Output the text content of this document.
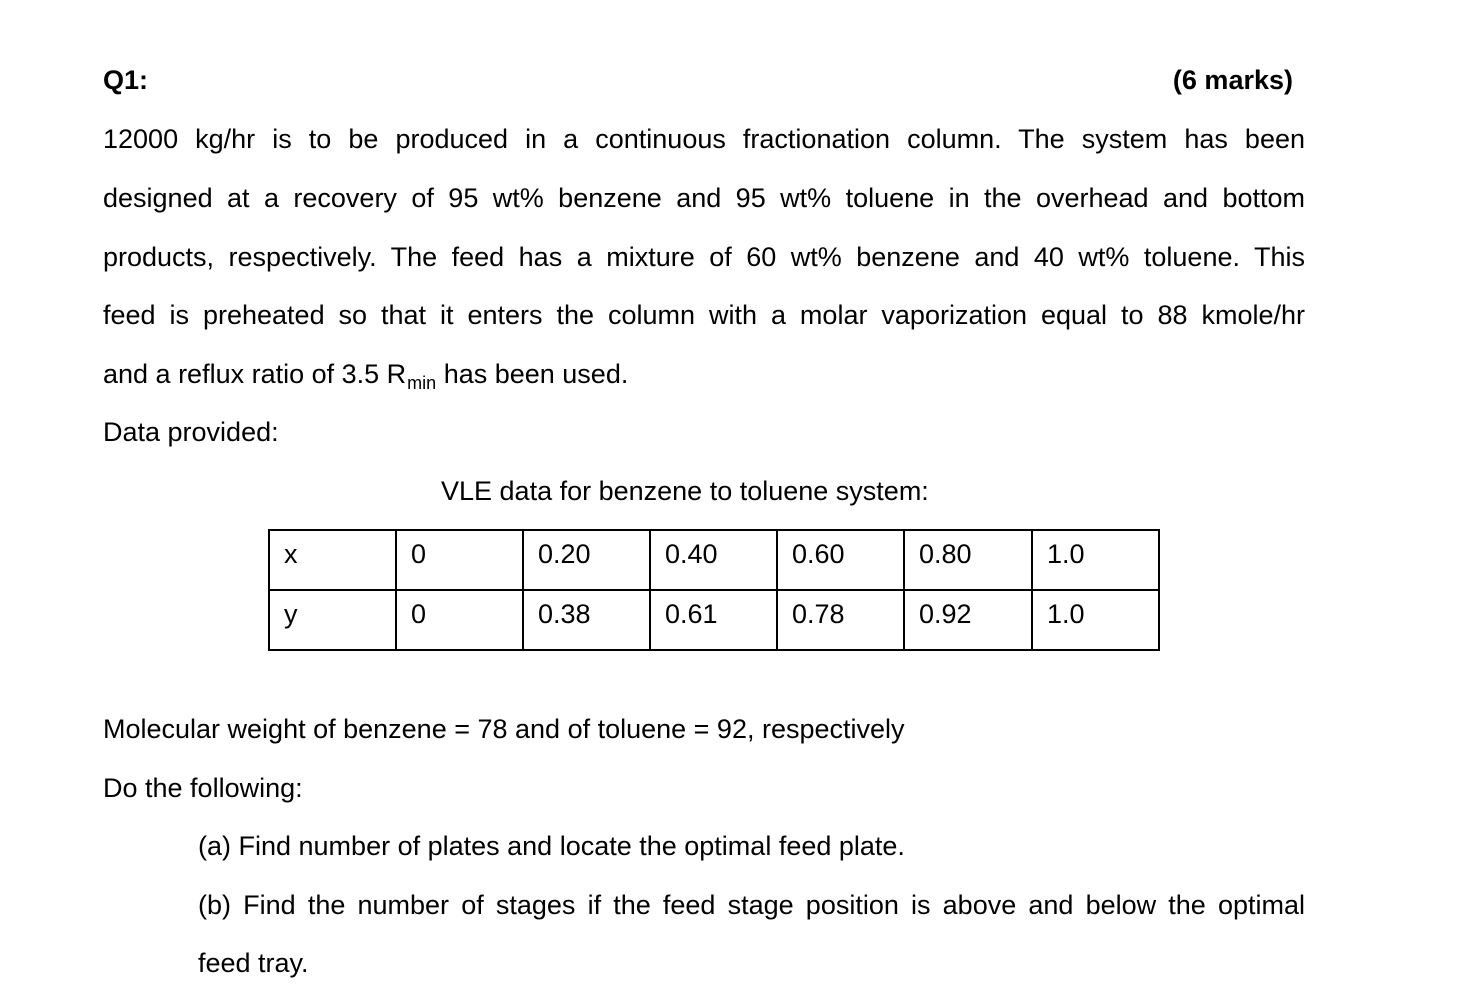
Q1:	(6 marks)
12000 kg/hr is to be produced in a continuous fractionation column. The system has been
designed at a recovery of 95 wt% benzene and 95 wt% toluene in the overhead and bottom
products, respectively. The feed has a mixture of 60 wt% benzene and 40 wt% toluene. This
feed is preheated so that it enters the column with a molar vaporization equal to 88 kmole/hr
and a reflux ratio of 3.5 $R_{min}$ has been used.
Data provided:
VLE data for benzene to toluene system:
x	0	0.20	0.40	0.60	0.80	1.0
y	0	0.38	0.61	0.78	0.92	1.0
Molecular weight of benzene = 78 and of toluene = 92, respectively
Do the following:
(a) Find number of plates and locate the optimal feed plate.
(b) Find the number of stages if the feed stage position is above and below the optimal
feed tray.
